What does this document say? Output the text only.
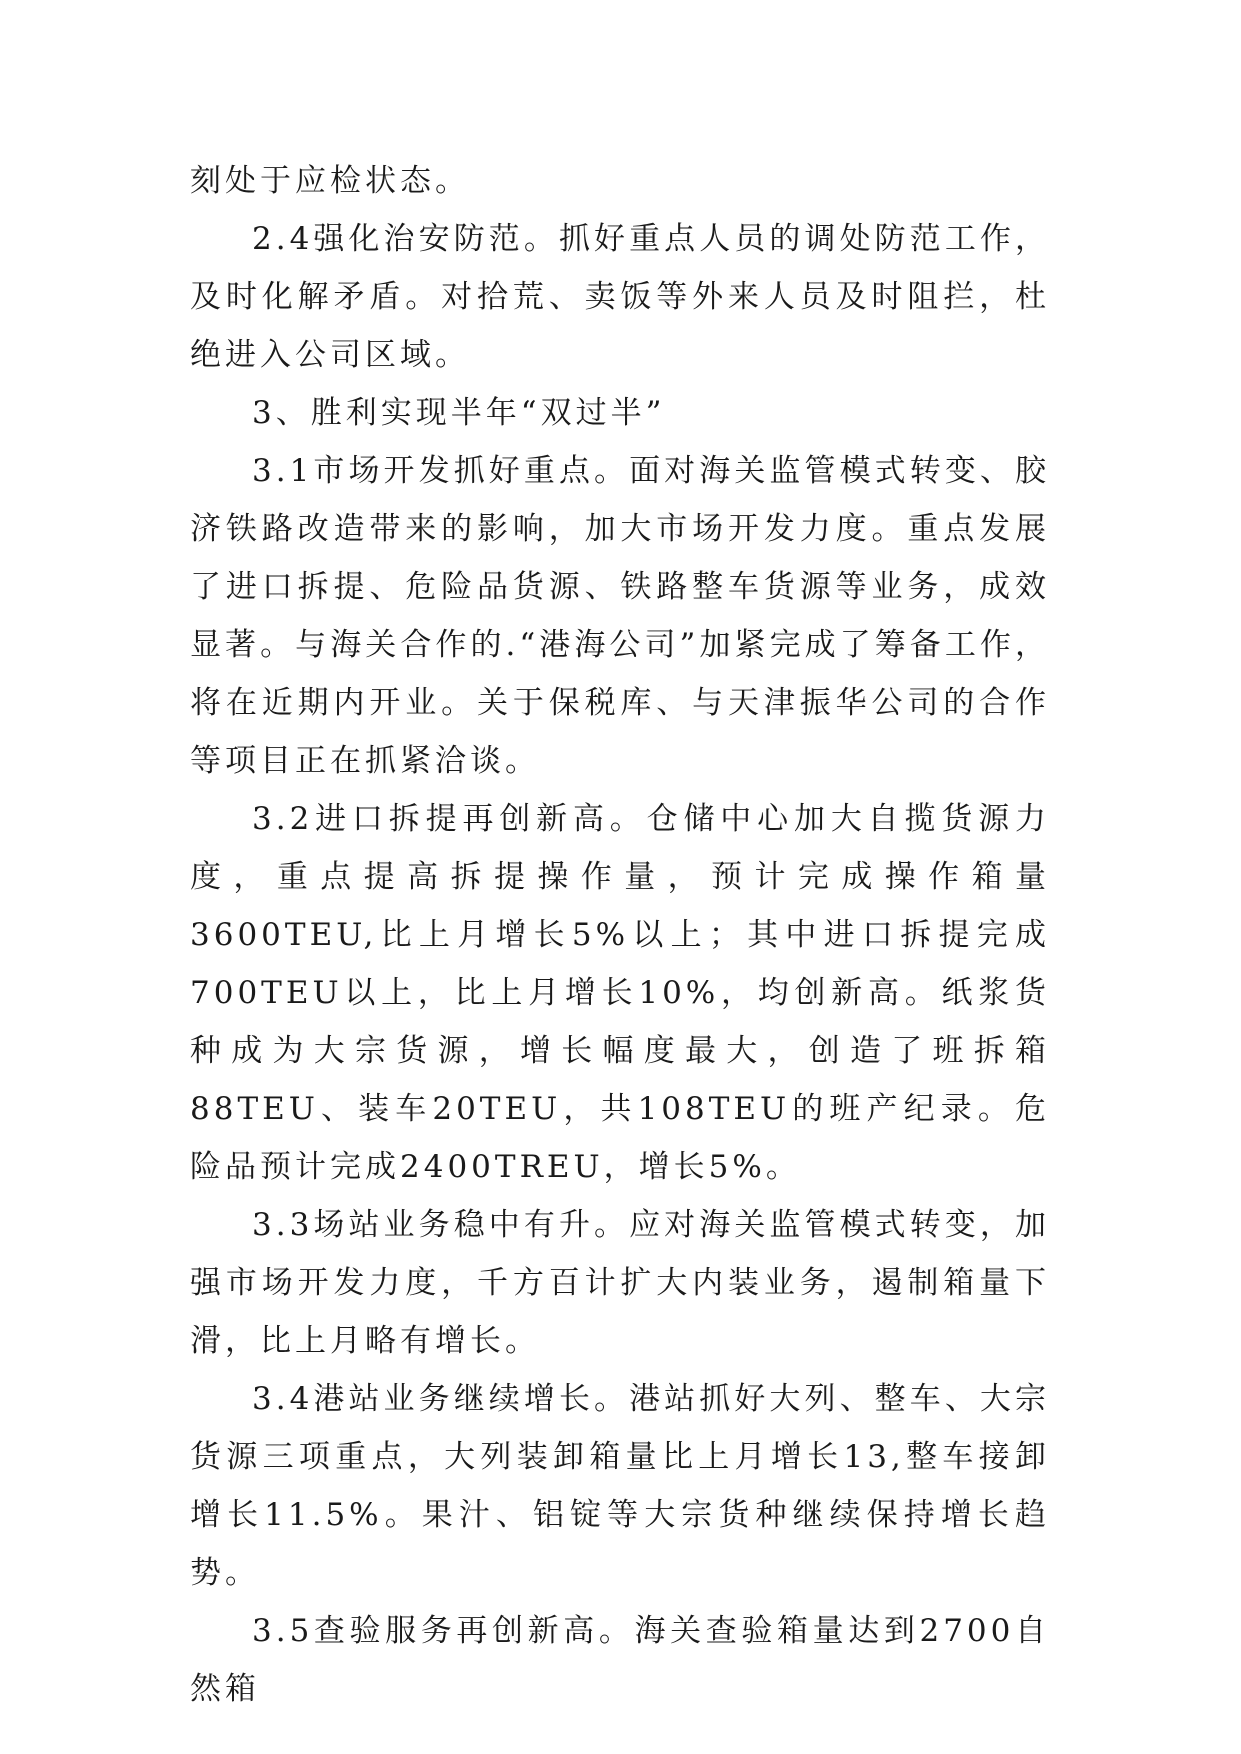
刻处于应检状态。

2.4强化治安防范。抓好重点人员的调处防范工作，及时化解矛盾。对拾荒、卖饭等外来人员及时阻拦，杜绝进入公司区域。

3、胜利实现半年“双过半”

3.1市场开发抓好重点。面对海关监管模式转变、胶济铁路改造带来的影响，加大市场开发力度。重点发展了进口拆提、危险品货源、铁路整车货源等业务，成效显著。与海关合作的.“港海公司”加紧完成了筹备工作，将在近期内开业。关于保税库、与天津振华公司的合作等项目正在抓紧洽谈。

3.2进口拆提再创新高。仓储中心加大自揽货源力度，重点提高拆提操作量，预计完成操作箱量3600TEU,比上月增长5%以上；其中进口拆提完成700TEU以上，比上月增长10%，均创新高。纸浆货种成为大宗货源，增长幅度最大，创造了班拆箱88TEU、装车20TEU，共108TEU的班产纪录。危险品预计完成2400TREU，增长5%。

3.3场站业务稳中有升。应对海关监管模式转变，加强市场开发力度，千方百计扩大内装业务，遏制箱量下滑，比上月略有增长。

3.4港站业务继续增长。港站抓好大列、整车、大宗货源三项重点，大列装卸箱量比上月增长13,整车接卸增长11.5%。果汁、铝锭等大宗货种继续保持增长趋势。

3.5查验服务再创新高。海关查验箱量达到2700自然箱
